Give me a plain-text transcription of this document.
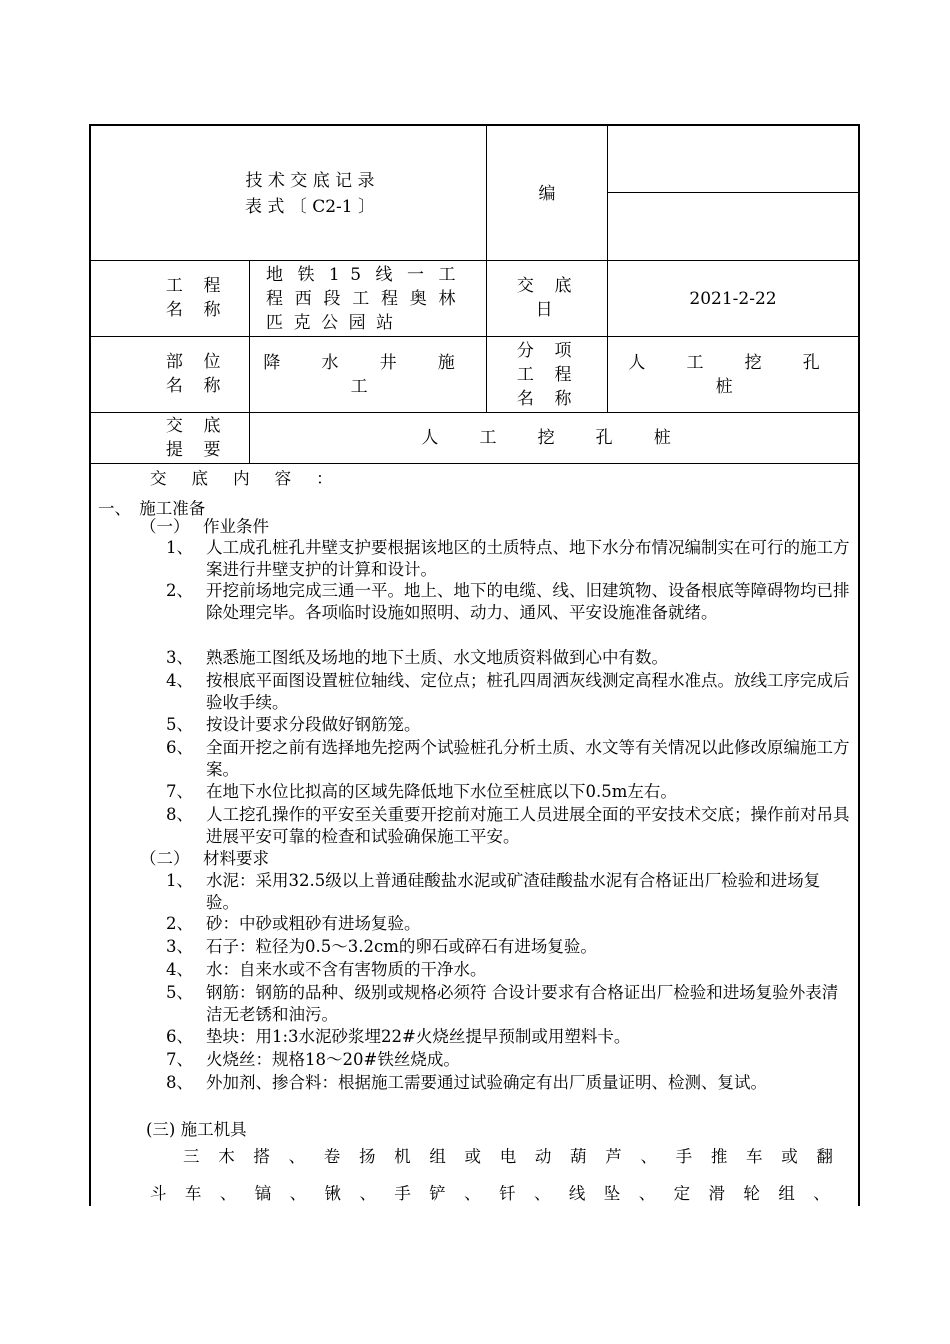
技 术 交 底 记 录
表 式 〔 C2-1 〕
编
工 程 名 称
地铁15线一工程西段工程奥林匹克公园站
交 底 日
2021-2-22
部 位 名 称
降 水 井 施 工
分 项 工 程 名 称
人 工 挖 孔 桩
交 底 提 要
人 工 挖 孔 桩
交 底 内 容 ：
一、　施工准备
（一）　 作业条件
1、 人工成孔桩孔井壁支护要根据该地区的土质特点、地下水分布情况编制实在可行的施工方案进行井壁支护的计算和设计。
2、 开挖前场地完成三通一平。地上、地下的电缆、线、旧建筑物、设备根底等障碍物均已排除处理完毕。各项临时设施如照明、动力、通风、平安设施准备就绪。
3、 熟悉施工图纸及场地的地下土质、水文地质资料做到心中有数。
4、 按根底平面图设置桩位轴线、定位点；桩孔四周洒灰线测定高程水准点。放线工序完成后验收手续。
5、 按设计要求分段做好钢筋笼。
6、 全面开挖之前有选择地先挖两个试验桩孔分析土质、水文等有关情况以此修改原编施工方案。
7、 在地下水位比拟高的区域先降低地下水位至桩底以下0.5m左右。
8、 人工挖孔操作的平安至关重要开挖前对施工人员进展全面的平安技术交底；操作前对吊具进展平安可靠的检查和试验确保施工平安。
（二）　 材料要求
1、 水泥：采用32.5级以上普通硅酸盐水泥或矿渣硅酸盐水泥有合格证出厂检验和进场复验。
2、 砂：中砂或粗砂有进场复验。
3、 石子：粒径为0.5～3.2cm的卵石或碎石有进场复验。
4、 水：自来水或不含有害物质的干净水。
5、 钢筋：钢筋的品种、级别或规格必须符 合设计要求有合格证出厂检验和进场复验外表清洁无老锈和油污。
6、 垫块：用1:3水泥砂浆埋22#火烧丝提早预制或用塑料卡。
7、 火烧丝：规格18～20#铁丝烧成。
8、 外加剂、掺合料：根据施工需要通过试验确定有出厂质量证明、检测、复试。
(三) 施工机具
三 木 搭 、 卷 扬 机 组 或 电 动 葫 芦 、 手 推 车 或 翻
斗 车 、 镐 、 锹 、 手 铲 、 钎 、 线 坠 、 定 滑 轮 组 、
